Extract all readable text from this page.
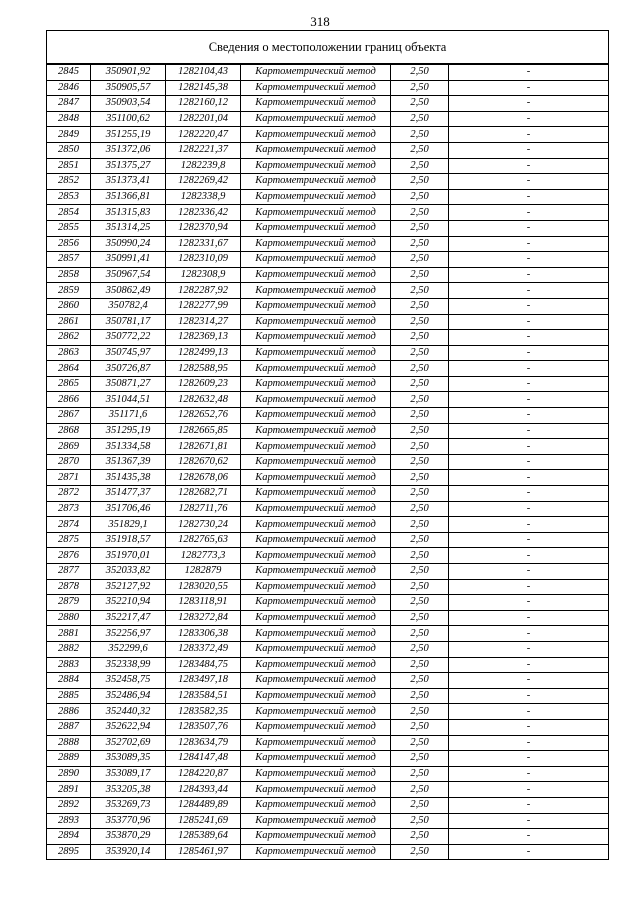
318
Сведения о местоположении границ объекта					
2845	350901,92	1282104,43	Картометрический метод	2,50	-
2846	350905,57	1282145,38	Картометрический метод	2,50	-
2847	350903,54	1282160,12	Картометрический метод	2,50	-
2848	351100,62	1282201,04	Картометрический метод	2,50	-
2849	351255,19	1282220,47	Картометрический метод	2,50	-
2850	351372,06	1282221,37	Картометрический метод	2,50	-
2851	351375,27	1282239,8	Картометрический метод	2,50	-
2852	351373,41	1282269,42	Картометрический метод	2,50	-
2853	351366,81	1282338,9	Картометрический метод	2,50	-
2854	351315,83	1282336,42	Картометрический метод	2,50	-
2855	351314,25	1282370,94	Картометрический метод	2,50	-
2856	350990,24	1282331,67	Картометрический метод	2,50	-
2857	350991,41	1282310,09	Картометрический метод	2,50	-
2858	350967,54	1282308,9	Картометрический метод	2,50	-
2859	350862,49	1282287,92	Картометрический метод	2,50	-
2860	350782,4	1282277,99	Картометрический метод	2,50	-
2861	350781,17	1282314,27	Картометрический метод	2,50	-
2862	350772,22	1282369,13	Картометрический метод	2,50	-
2863	350745,97	1282499,13	Картометрический метод	2,50	-
2864	350726,87	1282588,95	Картометрический метод	2,50	-
2865	350871,27	1282609,23	Картометрический метод	2,50	-
2866	351044,51	1282632,48	Картометрический метод	2,50	-
2867	351171,6	1282652,76	Картометрический метод	2,50	-
2868	351295,19	1282665,85	Картометрический метод	2,50	-
2869	351334,58	1282671,81	Картометрический метод	2,50	-
2870	351367,39	1282670,62	Картометрический метод	2,50	-
2871	351435,38	1282678,06	Картометрический метод	2,50	-
2872	351477,37	1282682,71	Картометрический метод	2,50	-
2873	351706,46	1282711,76	Картометрический метод	2,50	-
2874	351829,1	1282730,24	Картометрический метод	2,50	-
2875	351918,57	1282765,63	Картометрический метод	2,50	-
2876	351970,01	1282773,3	Картометрический метод	2,50	-
2877	352033,82	1282879	Картометрический метод	2,50	-
2878	352127,92	1283020,55	Картометрический метод	2,50	-
2879	352210,94	1283118,91	Картометрический метод	2,50	-
2880	352217,47	1283272,84	Картометрический метод	2,50	-
2881	352256,97	1283306,38	Картометрический метод	2,50	-
2882	352299,6	1283372,49	Картометрический метод	2,50	-
2883	352338,99	1283484,75	Картометрический метод	2,50	-
2884	352458,75	1283497,18	Картометрический метод	2,50	-
2885	352486,94	1283584,51	Картометрический метод	2,50	-
2886	352440,32	1283582,35	Картометрический метод	2,50	-
2887	352622,94	1283507,76	Картометрический метод	2,50	-
2888	352702,69	1283634,79	Картометрический метод	2,50	-
2889	353089,35	1284147,48	Картометрический метод	2,50	-
2890	353089,17	1284220,87	Картометрический метод	2,50	-
2891	353205,38	1284393,44	Картометрический метод	2,50	-
2892	353269,73	1284489,89	Картометрический метод	2,50	-
2893	353770,96	1285241,69	Картометрический метод	2,50	-
2894	353870,29	1285389,64	Картометрический метод	2,50	-
2895	353920,14	1285461,97	Картометрический метод	2,50	-
